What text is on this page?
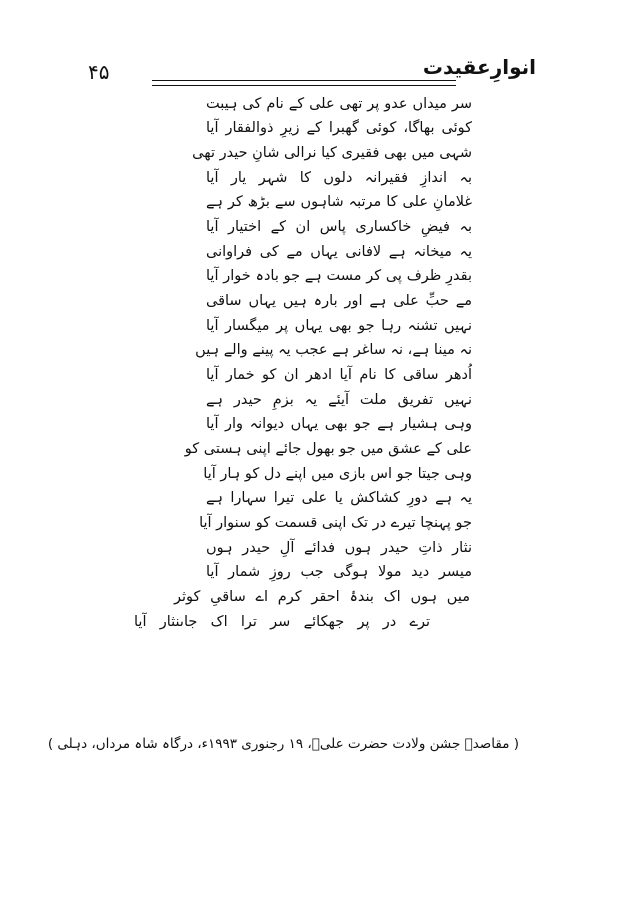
۴۵	انوارِعقیدت
سر میداں عدو پر تھی علی کے نام کی ہیبت
کوئی بھاگا، کوئی گھبرا کے زیرِ ذوالفقار آیا
شہی میں بھی فقیری کیا نرالی شانِ حیدر تھی
بہ اندازِ فقیرانہ دلوں کا شہر یار آیا
غلامانِ علی کا مرتبہ شاہوں سے بڑھ کر ہے
بہ فیضِ خاکساری پاس ان کے اختیار آیا
یہ میخانہ ہے لافانی یہاں مے کی فراوانی
بقدرِ ظرف پی کر مست ہے جو بادہ خوار آیا
مے حبِّ علی ہے اور بارہ ہیں یہاں ساقی
نہیں تشنہ رہا جو بھی یہاں پر میگسار آیا
نہ مینا ہے، نہ ساغر ہے عجب یہ پینے والے ہیں
اُدھر ساقی کا نام آیا ادھر ان کو خمار آیا
نہیں تفریق ملت آیئے یہ بزمِ حیدر ہے
وہی ہشیار ہے جو بھی یہاں دیوانہ وار آیا
علی کے عشق میں جو بھول جائے اپنی ہستی کو
وہی جیتا جو اس بازی میں اپنے دل کو ہار آیا
یہ ہے دورِ کشاکش یا علی تیرا سہارا ہے
جو پہنچا تیرے در تک اپنی قسمت کو سنوار آیا
نثار ذاتِ حیدر ہوں فدائے آلِ حیدر ہوں
میسر دید مولا ہوگی جب روزِ شمار آیا
میں ہوں اک بندۂ احقر کرم اے ساقیِ کوثر
ترے در پر جھکائے سر ترا اک جاںنثار آیا
( مقاصدہ جشن ولادت حضرت علیؑ، ۱۹ رجنوری ۱۹۹۳ء، درگاہ شاہ مرداں، دہلی )
